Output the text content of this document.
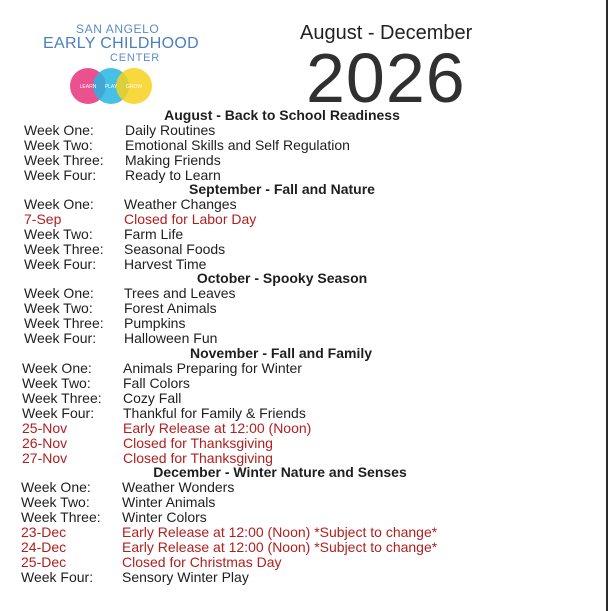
SAN ANGELO
EARLY CHILDHOOD
CENTER
LEARN PLAY GROW
August - December
2026
August - Back to School Readiness
Week One: Daily Routines
Week Two: Emotional Skills and Self Regulation
Week Three: Making Friends
Week Four: Ready to Learn
September - Fall and Nature
Week One: Weather Changes
7-Sep	Closed for Labor Day
Week Two: Farm Life
Week Three: Seasonal Foods
Week Four: Harvest Time
October - Spooky Season
Week One: Trees and Leaves
Week Two: Forest Animals
Week Three: Pumpkins
Week Four: Halloween Fun
November - Fall and Family
Week One: Animals Preparing for Winter
Week Two: Fall Colors
Week Three: Cozy Fall
Week Four: Thankful for Family & Friends
25-Nov	Early Release at 12:00 (Noon)
26-Nov	Closed for Thanksgiving
27-Nov	Closed for Thanksgiving
December - Winter Nature and Senses
Week One: Weather Wonders
Week Two: Winter Animals
Week Three: Winter Colors
23-Dec	Early Release at 12:00 (Noon) *Subject to change*
24-Dec	Early Release at 12:00 (Noon) *Subject to change*
25-Dec	Closed for Christmas Day
Week Four: Sensory Winter Play
